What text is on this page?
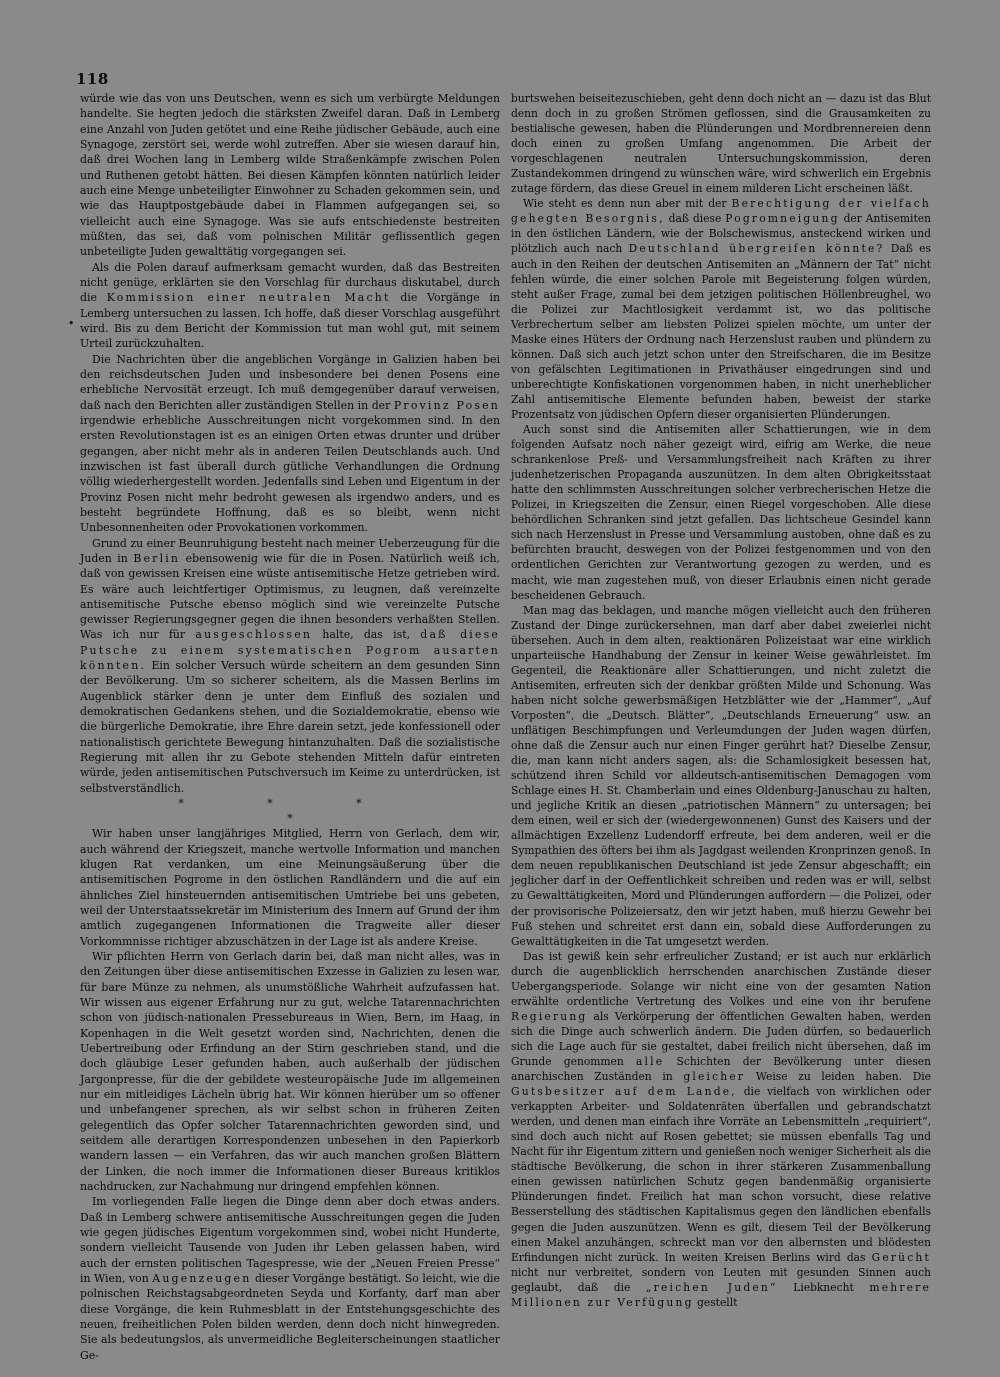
118
•

würde wie das von uns Deutschen, wenn es sich um verbürgte Meldungen handelte. Sie hegten jedoch die stärksten Zweifel daran. Daß in Lemberg eine Anzahl von Juden getötet und eine Reihe jüdischer Gebäude, auch eine Synagoge, zerstört sei, werde wohl zutreffen. Aber sie wiesen darauf hin, daß drei Wochen lang in Lemberg wilde Straßenkämpfe zwischen Polen und Ruthenen getobt hätten. Bei diesen Kämpfen könnten natürlich leider auch eine Menge unbeteiligter Einwohner zu Schaden gekommen sein, und wie das Hauptpostgebäude dabei in Flammen aufgegangen sei, so vielleicht auch eine Synagoge. Was sie aufs entschiedenste bestreiten müßten, das sei, daß vom polnischen Militär geflissentlich gegen unbeteiligte Juden gewalttätig vorgegangen sei.

Als die Polen darauf aufmerksam gemacht wurden, daß das Bestreiten nicht genüge, erklärten sie den Vorschlag für durchaus diskutabel, durch die Kommission einer neutralen Macht die Vorgänge in Lemberg untersuchen zu lassen. Ich hoffe, daß dieser Vorschlag ausgeführt wird. Bis zu dem Bericht der Kommission tut man wohl gut, mit seinem Urteil zurückzuhalten.

Die Nachrichten über die angeblichen Vorgänge in Galizien haben bei den reichsdeutschen Juden und insbesondere bei denen Posens eine erhebliche Nervosität erzeugt. Ich muß demgegenüber darauf verweisen, daß nach den Berichten aller zuständigen Stellen in der Provinz Posen irgendwie erhebliche Ausschreitungen nicht vorgekommen sind. In den ersten Revolutionstagen ist es an einigen Orten etwas drunter und drüber gegangen, aber nicht mehr als in anderen Teilen Deutschlands auch. Und inzwischen ist fast überall durch gütliche Verhandlungen die Ordnung völlig wiederhergestellt worden. Jedenfalls sind Leben und Eigentum in der Provinz Posen nicht mehr bedroht gewesen als irgendwo anders, und es besteht begründete Hoffnung, daß es so bleibt, wenn nicht Unbesonnenheiten oder Provokationen vorkommen.

Grund zu einer Beunruhigung besteht nach meiner Ueberzeugung für die Juden in Berlin ebensowenig wie für die in Posen. Natürlich weiß ich, daß von gewissen Kreisen eine wüste antisemitische Hetze getrieben wird. Es wäre auch leichtfertiger Optimismus, zu leugnen, daß vereinzelte antisemitische Putsche ebenso möglich sind wie vereinzelte Putsche gewisser Regierungsgegner gegen die ihnen besonders verhaßten Stellen. Was ich nur für ausgeschlossen halte, das ist, daß diese Putsche zu einem systematischen Pogrom ausarten könnten. Ein solcher Versuch würde scheitern an dem gesunden Sinn der Bevölkerung. Um so sicherer scheitern, als die Massen Berlins im Augenblick stärker denn je unter dem Einfluß des sozialen und demokratischen Gedankens stehen, und die Sozialdemokratie, ebenso wie die bürgerliche Demokratie, ihre Ehre darein setzt, jede konfessionell oder nationalistisch gerichtete Bewegung hintanzuhalten. Daß die sozialistische Regierung mit allen ihr zu Gebote stehenden Mitteln dafür eintreten würde, jeden antisemitischen Putschversuch im Keime zu unterdrücken, ist selbstverständlich.

* * *

*

Wir haben unser langjähriges Mitglied, Herrn von Gerlach, dem wir, auch während der Kriegszeit, manche wertvolle Information und manchen klugen Rat verdanken, um eine Meinungsäußerung über die antisemitischen Pogrome in den östlichen Randländern und die auf ein ähnliches Ziel hinsteuernden antisemitischen Umtriebe bei uns gebeten, weil der Unterstaatssekretär im Ministerium des Innern auf Grund der ihm amtlich zugegangenen Informationen die Tragweite aller dieser Vorkommnisse richtiger abzuschätzen in der Lage ist als andere Kreise.

Wir pflichten Herrn von Gerlach darin bei, daß man nicht alles, was in den Zeitungen über diese antisemitischen Exzesse in Galizien zu lesen war, für bare Münze zu nehmen, als unumstößliche Wahrheit aufzufassen hat. Wir wissen aus eigener Erfahrung nur zu gut, welche Tatarennachrichten schon von jüdisch-nationalen Pressebureaus in Wien, Bern, im Haag, in Kopenhagen in die Welt gesetzt worden sind, Nachrichten, denen die Uebertreibung oder Erfindung an der Stirn geschrieben stand, und die doch gläubige Leser gefunden haben, auch außerhalb der jüdischen Jargonpresse, für die der gebildete westeuropäische Jude im allgemeinen nur ein mitleidiges Lächeln übrig hat. Wir können hierüber um so offener und unbefangener sprechen, als wir selbst schon in früheren Zeiten gelegentlich das Opfer solcher Tatarennachrichten geworden sind, und seitdem alle derartigen Korrespondenzen unbesehen in den Papierkorb wandern lassen — ein Verfahren, das wir auch manchen großen Blättern der Linken, die noch immer die Informationen dieser Bureaus kritiklos nachdrucken, zur Nachahmung nur dringend empfehlen können.

Im vorliegenden Falle liegen die Dinge denn aber doch etwas anders. Daß in Lemberg schwere antisemitische Ausschreitungen gegen die Juden wie gegen jüdisches Eigentum vorgekommen sind, wobei nicht Hunderte, sondern vielleicht Tausende von Juden ihr Leben gelassen haben, wird auch der ernsten politischen Tagespresse, wie der „Neuen Freien Presse“ in Wien, von Augenzeugen dieser Vorgänge bestätigt. So leicht, wie die polnischen Reichstagsabgeordneten Seyda und Korfanty, darf man aber diese Vorgänge, die kein Ruhmesblatt in der Entstehungsgeschichte des neuen, freiheitlichen Polen bilden werden, denn doch nicht hinwegreden. Sie als bedeutungslos, als unvermeidliche Begleiterscheinungen staatlicher Ge-

burtswehen beiseitezuschieben, geht denn doch nicht an — dazu ist das Blut denn doch in zu großen Strömen geflossen, sind die Grausamkeiten zu bestialische gewesen, haben die Plünderungen und Mordbrennereien denn doch einen zu großen Umfang angenommen. Die Arbeit der vorgeschlagenen neutralen Untersuchungskommission, deren Zustandekommen dringend zu wünschen wäre, wird schwerlich ein Ergebnis zutage fördern, das diese Greuel in einem milderen Licht erscheinen läßt.

Wie steht es denn nun aber mit der Berechtigung der vielfach gehegten Besorgnis, daß diese Pogromneigung der Antisemiten in den östlichen Ländern, wie der Bolschewismus, ansteckend wirken und plötzlich auch nach Deutschland übergreifen könnte? Daß es auch in den Reihen der deutschen Antisemiten an „Männern der Tat“ nicht fehlen würde, die einer solchen Parole mit Begeisterung folgen würden, steht außer Frage, zumal bei dem jetzigen politischen Höllenbreughel, wo die Polizei zur Machtlosigkeit verdammt ist, wo das politische Verbrechertum selber am liebsten Polizei spielen möchte, um unter der Maske eines Hüters der Ordnung nach Herzenslust rauben und plündern zu können. Daß sich auch jetzt schon unter den Streifscharen, die im Besitze von gefälschten Legitimationen in Privathäuser eingedrungen sind und unberechtigte Konfiskationen vorgenommen haben, in nicht unerheblicher Zahl antisemitische Elemente befunden haben, beweist der starke Prozentsatz von jüdischen Opfern dieser organisierten Plünderungen.

Auch sonst sind die Antisemiten aller Schattierungen, wie in dem folgenden Aufsatz noch näher gezeigt wird, eifrig am Werke, die neue schrankenlose Preß- und Versammlungsfreiheit nach Kräften zu ihrer judenhetzerischen Propaganda auszunützen. In dem alten Obrigkeitsstaat hatte den schlimmsten Ausschreitungen solcher verbrecherischen Hetze die Polizei, in Kriegszeiten die Zensur, einen Riegel vorgeschoben. Alle diese behördlichen Schranken sind jetzt gefallen. Das lichtscheue Gesindel kann sich nach Herzenslust in Presse und Versammlung austoben, ohne daß es zu befürchten braucht, deswegen von der Polizei festgenommen und von den ordentlichen Gerichten zur Verantwortung gezogen zu werden, und es macht, wie man zugestehen muß, von dieser Erlaubnis einen nicht gerade bescheidenen Gebrauch.

Man mag das beklagen, und manche mögen vielleicht auch den früheren Zustand der Dinge zurückersehnen, man darf aber dabei zweierlei nicht übersehen. Auch in dem alten, reaktionären Polizeistaat war eine wirklich unparteiische Handhabung der Zensur in keiner Weise gewährleistet. Im Gegenteil, die Reaktionäre aller Schattierungen, und nicht zuletzt die Antisemiten, erfreuten sich der denkbar größten Milde und Schonung. Was haben nicht solche gewerbsmäßigen Hetzblätter wie der „Hammer“, „Auf Vorposten“, die „Deutsch. Blätter“, „Deutschlands Erneuerung“ usw. an unflätigen Beschimpfungen und Verleumdungen der Juden wagen dürfen, ohne daß die Zensur auch nur einen Finger gerührt hat? Dieselbe Zensur, die, man kann nicht anders sagen, als: die Schamlosigkeit besessen hat, schützend ihren Schild vor alldeutsch-antisemitischen Demagogen vom Schlage eines H. St. Chamberlain und eines Oldenburg-Januschau zu halten, und jegliche Kritik an diesen „patriotischen Männern“ zu untersagen; bei dem einen, weil er sich der (wiedergewonnenen) Gunst des Kaisers und der allmächtigen Exzellenz Ludendorff erfreute, bei dem anderen, weil er die Sympathien des öfters bei ihm als Jagdgast weilenden Kronprinzen genoß. In dem neuen republikanischen Deutschland ist jede Zensur abgeschafft; ein jeglicher darf in der Oeffentlichkeit schreiben und reden was er will, selbst zu Gewalttätigkeiten, Mord und Plünderungen auffordern — die Polizei, oder der provisorische Polizeiersatz, den wir jetzt haben, muß hierzu Gewehr bei Fuß stehen und schreitet erst dann ein, sobald diese Aufforderungen zu Gewalttätigkeiten in die Tat umgesetzt werden.

Das ist gewiß kein sehr erfreulicher Zustand; er ist auch nur erklärlich durch die augenblicklich herrschenden anarchischen Zustände dieser Uebergangsperiode. Solange wir nicht eine von der gesamten Nation erwählte ordentliche Vertretung des Volkes und eine von ihr berufene Regierung als Verkörperung der öffentlichen Gewalten haben, werden sich die Dinge auch schwerlich ändern. Die Juden dürfen, so bedauerlich sich die Lage auch für sie gestaltet, dabei freilich nicht übersehen, daß im Grunde genommen alle Schichten der Bevölkerung unter diesen anarchischen Zuständen in gleicher Weise zu leiden haben. Die Gutsbesitzer auf dem Lande, die vielfach von wirklichen oder verkappten Arbeiter- und Soldatenräten überfallen und gebrandschatzt werden, und denen man einfach ihre Vorräte an Lebensmitteln „requiriert“, sind doch auch nicht auf Rosen gebettet; sie müssen ebenfalls Tag und Nacht für ihr Eigentum zittern und genießen noch weniger Sicherheit als die städtische Bevölkerung, die schon in ihrer stärkeren Zusammenballung einen gewissen natürlichen Schutz gegen bandenmäßig organisierte Plünderungen findet. Freilich hat man schon vorsucht, diese relative Besserstellung des städtischen Kapitalismus gegen den ländlichen ebenfalls gegen die Juden auszunützen. Wenn es gilt, diesem Teil der Bevölkerung einen Makel anzuhängen, schreckt man vor den albernsten und blödesten Erfindungen nicht zurück. In weiten Kreisen Berlins wird das Gerücht nicht nur verbreitet, sondern von Leuten mit gesunden Sinnen auch geglaubt, daß die „reichen Juden“ Liebknecht mehrere Millionen zur Verfügung gestellt
